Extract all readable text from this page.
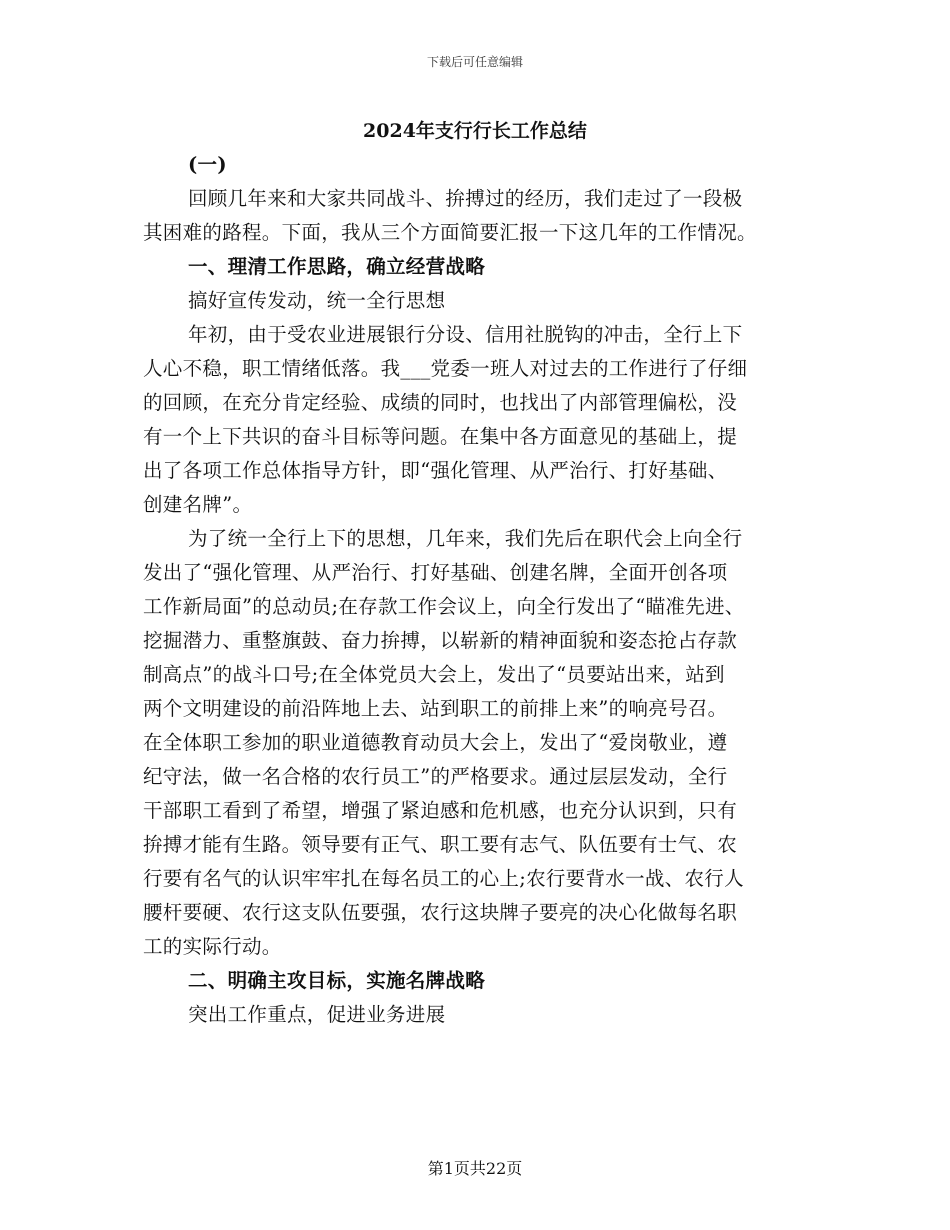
下载后可任意编辑
2024年支行行长工作总结
(一)
回顾几年来和大家共同战斗、拚搏过的经历，我们走过了一段极
其困难的路程。下面，我从三个方面简要汇报一下这几年的工作情况。
一、理清工作思路，确立经营战略
搞好宣传发动，统一全行思想
年初，由于受农业进展银行分设、信用社脱钩的冲击，全行上下
人心不稳，职工情绪低落。我___党委一班人对过去的工作进行了仔细
的回顾，在充分肯定经验、成绩的同时，也找出了内部管理偏松，没
有一个上下共识的奋斗目标等问题。在集中各方面意见的基础上，提
出了各项工作总体指导方针，即“强化管理、从严治行、打好基础、
创建名牌”。
为了统一全行上下的思想，几年来，我们先后在职代会上向全行
发出了“强化管理、从严治行、打好基础、创建名牌，全面开创各项
工作新局面”的总动员;在存款工作会议上，向全行发出了“瞄准先进、
挖掘潜力、重整旗鼓、奋力拚搏，以崭新的精神面貌和姿态抢占存款
制高点”的战斗口号;在全体党员大会上，发出了“员要站出来，站到
两个文明建设的前沿阵地上去、站到职工的前排上来”的响亮号召。
在全体职工参加的职业道德教育动员大会上，发出了“爱岗敬业，遵
纪守法，做一名合格的农行员工”的严格要求。通过层层发动，全行
干部职工看到了希望，增强了紧迫感和危机感，也充分认识到，只有
拚搏才能有生路。领导要有正气、职工要有志气、队伍要有士气、农
行要有名气的认识牢牢扎在每名员工的心上;农行要背水一战、农行人
腰杆要硬、农行这支队伍要强，农行这块牌子要亮的决心化做每名职
工的实际行动。
二、明确主攻目标，实施名牌战略
突出工作重点，促进业务进展
第1页共22页
